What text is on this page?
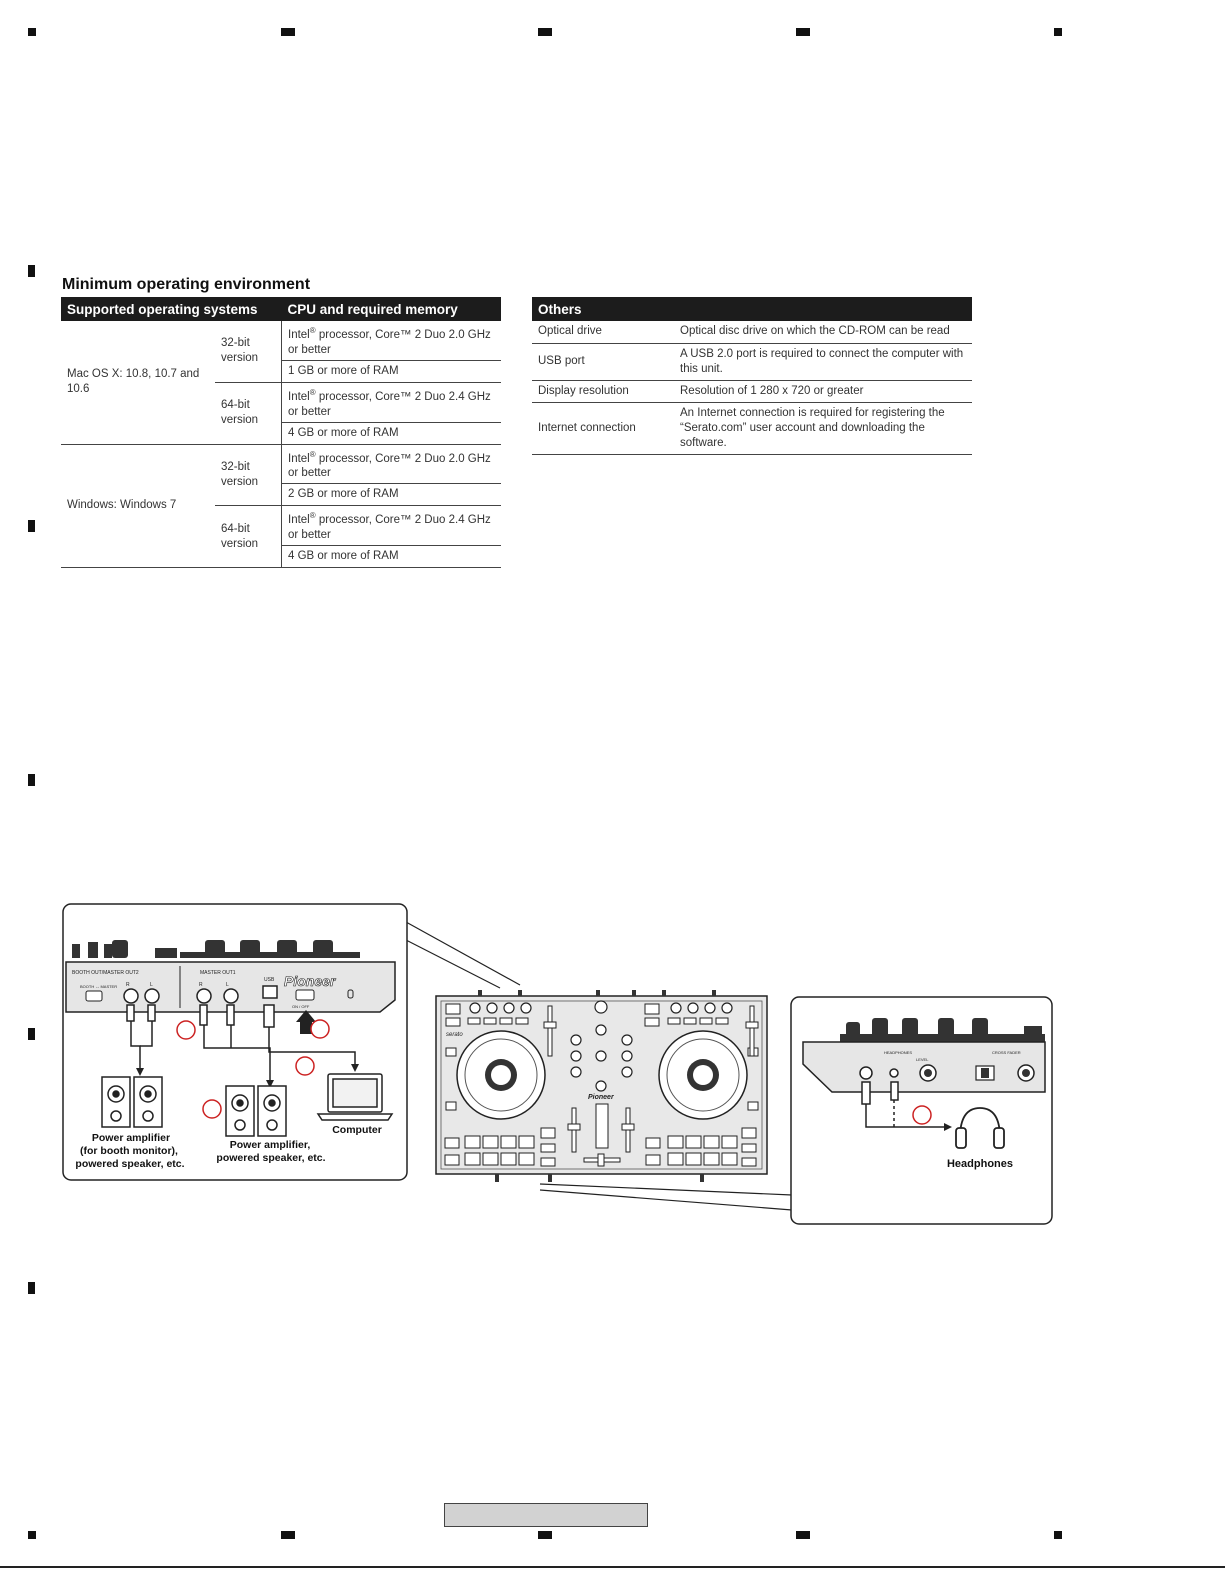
Minimum operating environment
Supported operating systems		CPU and required memory
Mac OS X: 10.8, 10.7 and 10.6	32-bit version	Intel® processor, Core™ 2 Duo 2.0 GHz or better
		1 GB or more of RAM
	64-bit version	Intel® processor, Core™ 2 Duo 2.4 GHz or better
		4 GB or more of RAM
Windows: Windows 7	32-bit version	Intel® processor, Core™ 2 Duo 2.0 GHz or better
		2 GB or more of RAM
	64-bit version	Intel® processor, Core™ 2 Duo 2.4 GHz or better
		4 GB or more of RAM
Others	
Optical drive	Optical disc drive on which the CD-ROM can be read
USB port	A USB 2.0 port is required to connect the computer with this unit.
Display resolution	Resolution of 1 280 x 720 or greater
Internet connection	An Internet connection is required for registering the “Serato.com” user account and downloading the software.
BOOTH OUT/MASTER OUT2
BOOTH ↔ MASTER
MASTER OUT1
R	L	R	L
USB
ON / OFF
Pioneer
Power amplifier
(for booth monitor),
powered speaker, etc.
Power amplifier,
powered speaker, etc.
Computer
serato
Pioneer
HEADPHONES
LEVEL
CROSS FADER
Headphones
